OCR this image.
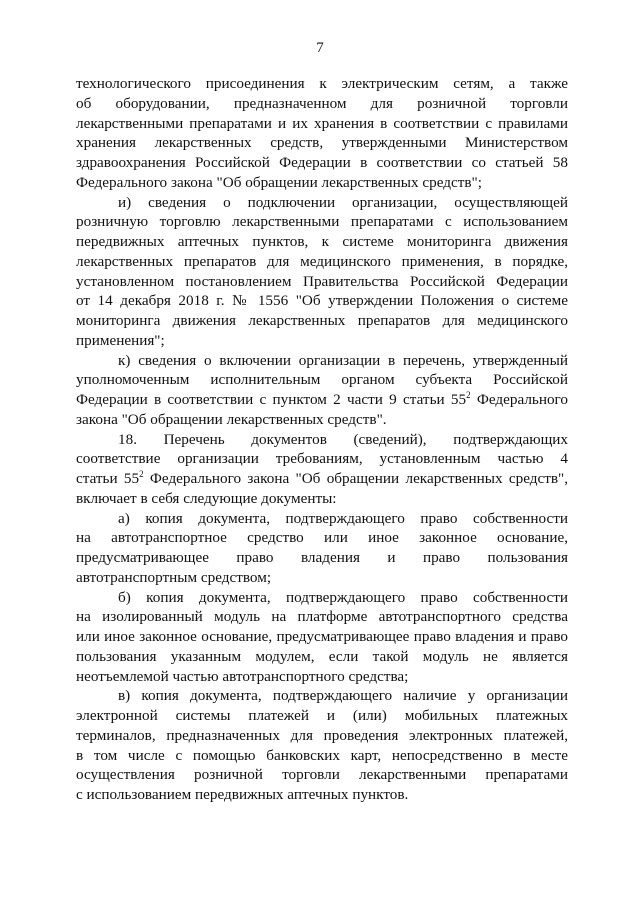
7
технологического присоединения к электрическим сетям, а также
об оборудовании, предназначенном для розничной торговли
лекарственными препаратами и их хранения в соответствии с правилами
хранения лекарственных средств, утвержденными Министерством
здравоохранения Российской Федерации в соответствии со статьей 58
Федерального закона "Об обращении лекарственных средств";
и) сведения о подключении организации, осуществляющей
розничную торговлю лекарственными препаратами с использованием
передвижных аптечных пунктов, к системе мониторинга движения
лекарственных препаратов для медицинского применения, в порядке,
установленном постановлением Правительства Российской Федерации
от 14 декабря 2018 г. № 1556 "Об утверждении Положения о системе
мониторинга движения лекарственных препаратов для медицинского
применения";
к) сведения о включении организации в перечень, утвержденный
уполномоченным исполнительным органом субъекта Российской
Федерации в соответствии с пунктом 2 части 9 статьи $55^2$ Федерального
закона "Об обращении лекарственных средств".
18. Перечень документов (сведений), подтверждающих
соответствие организации требованиям, установленным частью 4
статьи $55^2$ Федерального закона "Об обращении лекарственных средств",
включает в себя следующие документы:
а) копия документа, подтверждающего право собственности
на автотранспортное средство или иное законное основание,
предусматривающее право владения и право пользования
автотранспортным средством;
б) копия документа, подтверждающего право собственности
на изолированный модуль на платформе автотранспортного средства
или иное законное основание, предусматривающее право владения и право
пользования указанным модулем, если такой модуль не является
неотъемлемой частью автотранспортного средства;
в) копия документа, подтверждающего наличие у организации
электронной системы платежей и (или) мобильных платежных
терминалов, предназначенных для проведения электронных платежей,
в том числе с помощью банковских карт, непосредственно в месте
осуществления розничной торговли лекарственными препаратами
с использованием передвижных аптечных пунктов.
